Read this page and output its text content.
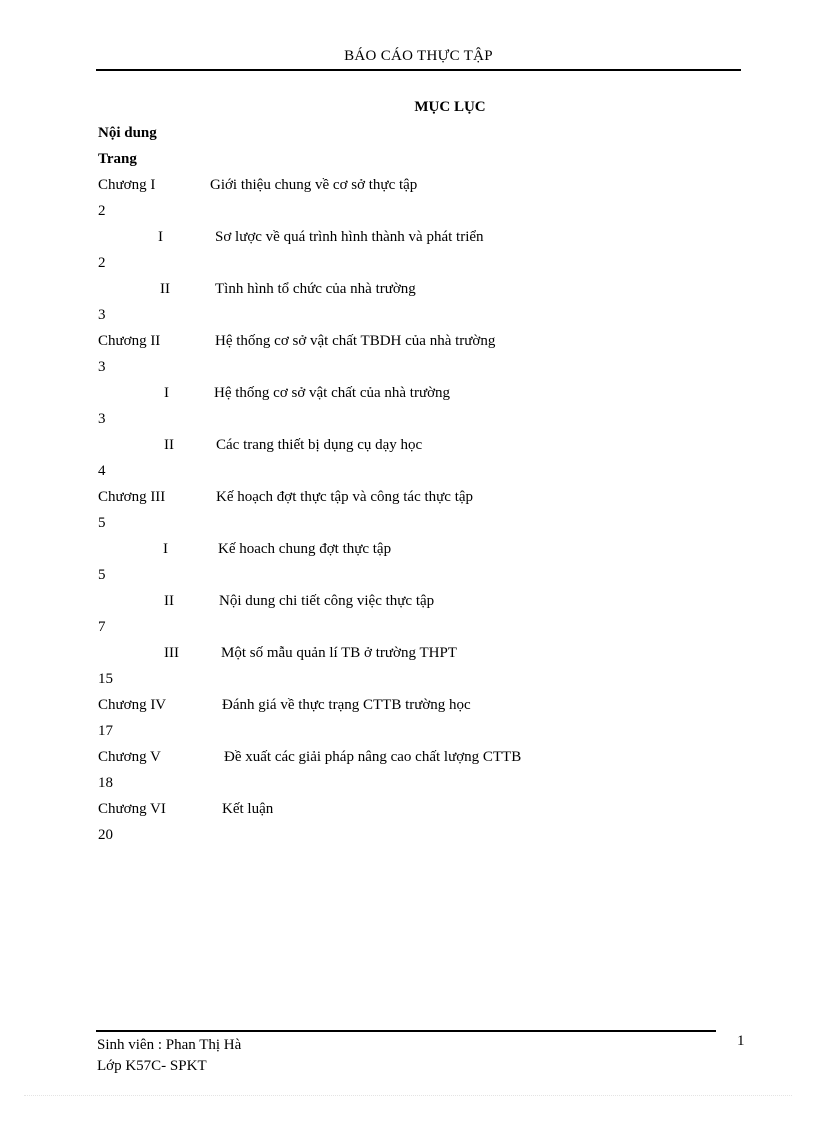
BÁO CÁO THỰC TẬP
MỤC LỤC
Nội dung
Trang
Chương I	Giới thiệu chung về cơ sở thực tập
2
I	Sơ lược về quá trình hình thành và phát triển
2
II	Tình hình tổ chức của nhà trường
3
Chương II	Hệ thống cơ sở vật chất TBDH của nhà trường
3
I	Hệ thống cơ sở vật chất của nhà trường
3
II	Các trang thiết bị dụng cụ dạy học
4
Chương III	Kế hoạch đợt thực tập và công tác thực tập
5
I	Kế hoach chung đợt thực tập
5
II	Nội dung chi tiết công việc thực tập
7
III	Một số mẫu quản lí TB ở trường THPT
15
Chương IV	Đánh giá về thực trạng CTTB trường học
17
Chương V	Đề xuất các giải pháp nâng cao chất lượng CTTB
18
Chương VI	Kết luận
20
Sinh viên : Phan Thị Hà
Lớp K57C- SPKT
1
